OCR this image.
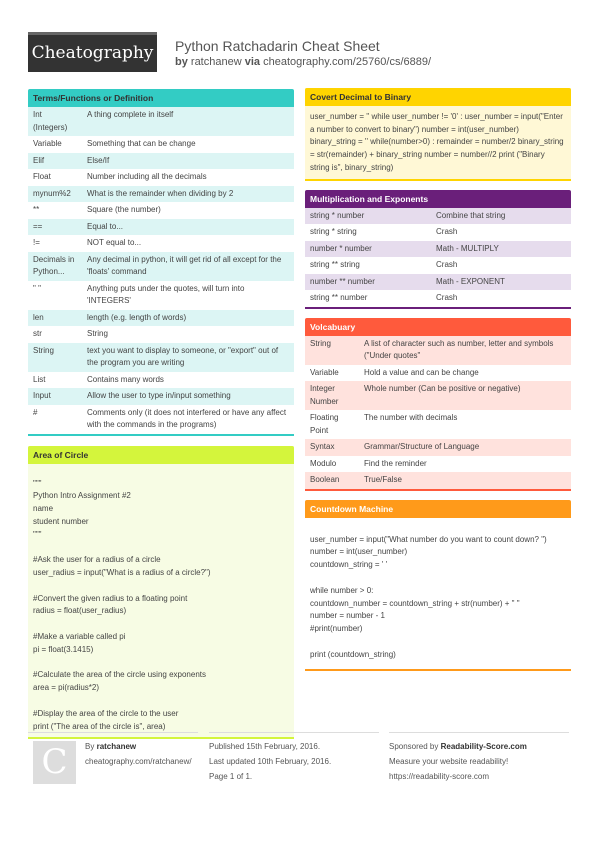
Cheatography Python Ratchadarin Cheat Sheet
by ratchanew via cheatography.com/25760/cs/6889/
Terms/Functions or Definition
Int (Integers)	A thing complete in itself
Variable	Something that can be change
Elif	Else/If
Float	Number including all the decimals
mynum%2	What is the remainder when dividing by 2
**	Square (the number)
==	Equal to...
!=	NOT equal to...
Decimals in Python...	Any decimal in python, it will get rid of all except for the 'floats' command
" "	Anything puts under the quotes, will turn into 'INTEGERS'
len	length (e.g. length of words)
str	String
String	text you want to display to someone, or "export" out of the program you are writing
List	Contains many words
Input	Allow the user to type in/input something
#	Comments only (it does not interfered or have any affect with the commands in the programs)
Area of Circle
"""
Python Intro Assignment #2
name
student number
"""
#Ask the user for a radius of a circle
user_radius = input("What is a radius of a circle?")
#Convert the given radius to a floating point
radius = float(user_radius)
#Make a variable called pi
pi = float(3.1415)
#Calculate the area of the circle using exponents
area = pi(radius*2)
#Display the area of the circle to the user
print ("The area of the circle is", area)
Covert Decimal to Binary
user_number = '' while user_number != '0' : user_number = input("Enter a number to convert to binary") number = int(user_number) binary_string = '' while(number>0) : remainder = number/2 binary_string = str(remainder) + binary_string number = number//2 print ("Binary string is", binary_string)
Multiplication and Exponents
string * number	Combine that string
string * string	Crash
number * number	Math - MULTIPLY
string ** string	Crash
number ** number	Math - EXPONENT
string ** number	Crash
Volcabuary
String	A list of character such as number, letter and symbols ("Under quotes"
Variable	Hold a value and can be change
Integer Number	Whole number (Can be positive or negative)
Floating Point	The number with decimals
Syntax	Grammar/Structure of Language
Modulo	Find the reminder
Boolean	True/False
Countdown Machine
user_number = input("What number do you want to count down? ")
number = int(user_number)
countdown_string = ' '
while number > 0:
countdown_number = countdown_string + str(number) + " "
number = number - 1
#print(number)
print (countdown_string)
C	By ratchanew
cheatography.com/ratchanew/
Published 15th February, 2016.
Last updated 10th February, 2016.
Page 1 of 1.
Sponsored by Readability-Score.com
Measure your website readability!
https://readability-score.com
